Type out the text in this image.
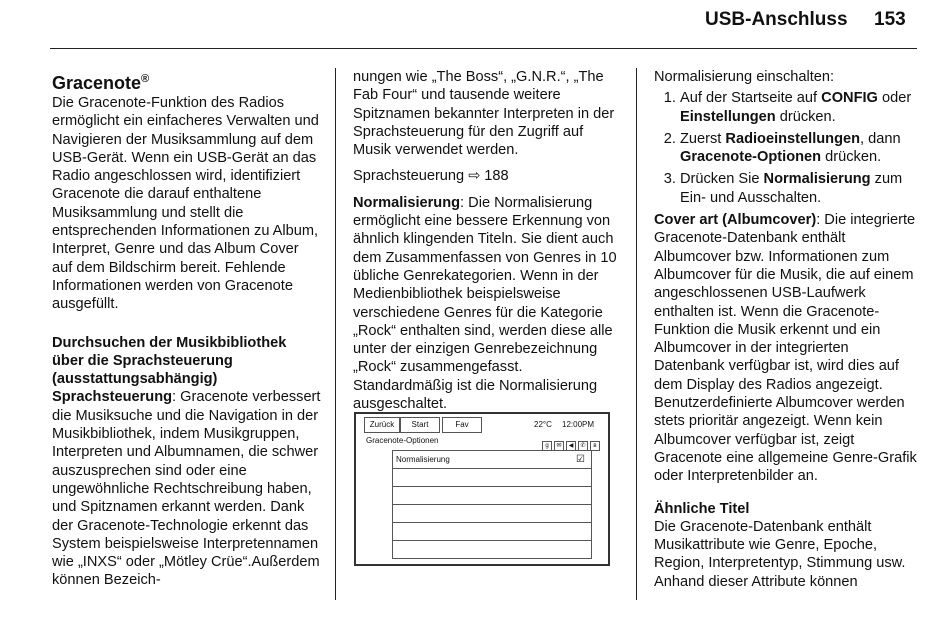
USB-Anschluss 153

Gracenote®

Die Gracenote-Funktion des Radios ermöglicht ein einfacheres Verwalten und Navigieren der Musiksammlung auf dem USB-Gerät. Wenn ein USB-Gerät an das Radio angeschlossen wird, identifiziert Gracenote die darauf enthaltene Musiksammlung und stellt die entsprechenden Informationen zu Album, Interpret, Genre und das Album Cover auf dem Bildschirm bereit. Fehlende Informationen werden von Gracenote ausgefüllt.

Durchsuchen der Musikbibliothek über die Sprachsteuerung (ausstattungsabhängig)

Sprachsteuerung: Gracenote verbessert die Musiksuche und die Navigation in der Musikbibliothek, indem Musikgruppen, Interpreten und Albumnamen, die schwer auszusprechen sind oder eine ungewöhnliche Rechtschreibung haben, und Spitznamen erkannt werden. Dank der Gracenote-Technologie erkennt das System beispielsweise Interpretennamen wie „INXS“ oder „Mötley Crüe“.Außerdem können Bezeich-

nungen wie „The Boss“, „G.N.R.“, „The Fab Four“ und tausende weitere Spitznamen bekannter Interpreten in der Sprachsteuerung für den Zugriff auf Musik verwendet werden.

Sprachsteuerung ⇨ 188

Normalisierung: Die Normalisierung ermöglicht eine bessere Erkennung von ähnlich klingenden Titeln. Sie dient auch dem Zusammenfassen von Genres in 10 übliche Genrekategorien. Wenn in der Medienbibliothek beispielsweise verschiedene Genres für die Kategorie „Rock“ enthalten sind, werden diese alle unter der einzigen Genrebezeichnung „Rock“ zusammengefasst. Standardmäßig ist die Normalisierung ausgeschaltet.

Zurück	Start	Fav	22°C 12:00PM
Gracenote-Optionen
g ✉ ◀ ✆ ʙ
Normalisierung	☑

Normalisierung einschalten:

1. Auf der Startseite auf CONFIG oder Einstellungen drücken.
2. Zuerst Radioeinstellungen, dann Gracenote-Optionen drücken.
3. Drücken Sie Normalisierung zum Ein- und Ausschalten.

Cover art (Albumcover): Die integrierte Gracenote-Datenbank enthält Albumcover bzw. Informationen zum Albumcover für die Musik, die auf einem angeschlossenen USB-Laufwerk enthalten ist. Wenn die Gracenote-Funktion die Musik erkennt und ein Albumcover in der integrierten Datenbank verfügbar ist, wird dies auf dem Display des Radios angezeigt. Benutzerdefinierte Albumcover werden stets prioritär angezeigt. Wenn kein Albumcover verfügbar ist, zeigt Gracenote eine allgemeine Genre-Grafik oder Interpretenbilder an.

Ähnliche Titel

Die Gracenote-Datenbank enthält Musikattribute wie Genre, Epoche, Region, Interpretentyp, Stimmung usw. Anhand dieser Attribute können
